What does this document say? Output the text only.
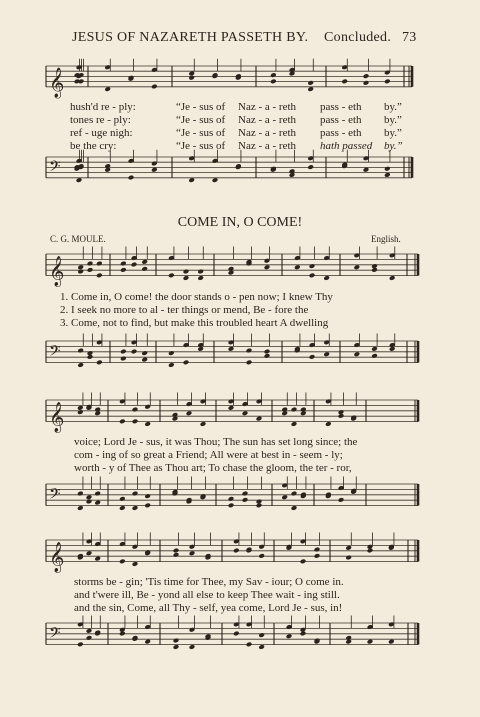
JESUS OF NAZARETH PASSETH BY. Concluded. 73
𝄞
𝄢
𝄞
𝄢
𝄞
𝄢
𝄞
𝄢
hush'd re - ply:	“Je - sus of Naz - a - reth pass - eth by.”
tones re - ply:	“Je - sus of Naz - a - reth pass - eth by.”
ref - uge nigh:	“Je - sus of Naz - a - reth pass - eth by.”
be the cry:	“Je - sus of Naz - a - reth hath passed by.”
COME IN, O COME!
C. G. MOULE.	English.
1. Come in, O come! the door stands o - pen now; I knew Thy
2. I seek no more to al - ter things or mend, Be - fore the
3. Come, not to find, but make this troubled heart A dwelling
voice; Lord Je - sus, it was Thou; The sun has set long since; the
com - ing of so great a Friend; All were at best in - seem - ly;
worth - y of Thee as Thou art; To chase the gloom, the ter - ror,
storms be - gin; 'Tis time for Thee, my Sav - iour; O come in.
and t'were ill, Be - yond all else to keep Thee wait - ing still.
and the sin, Come, all Thy - self, yea come, Lord Je - sus, in!
